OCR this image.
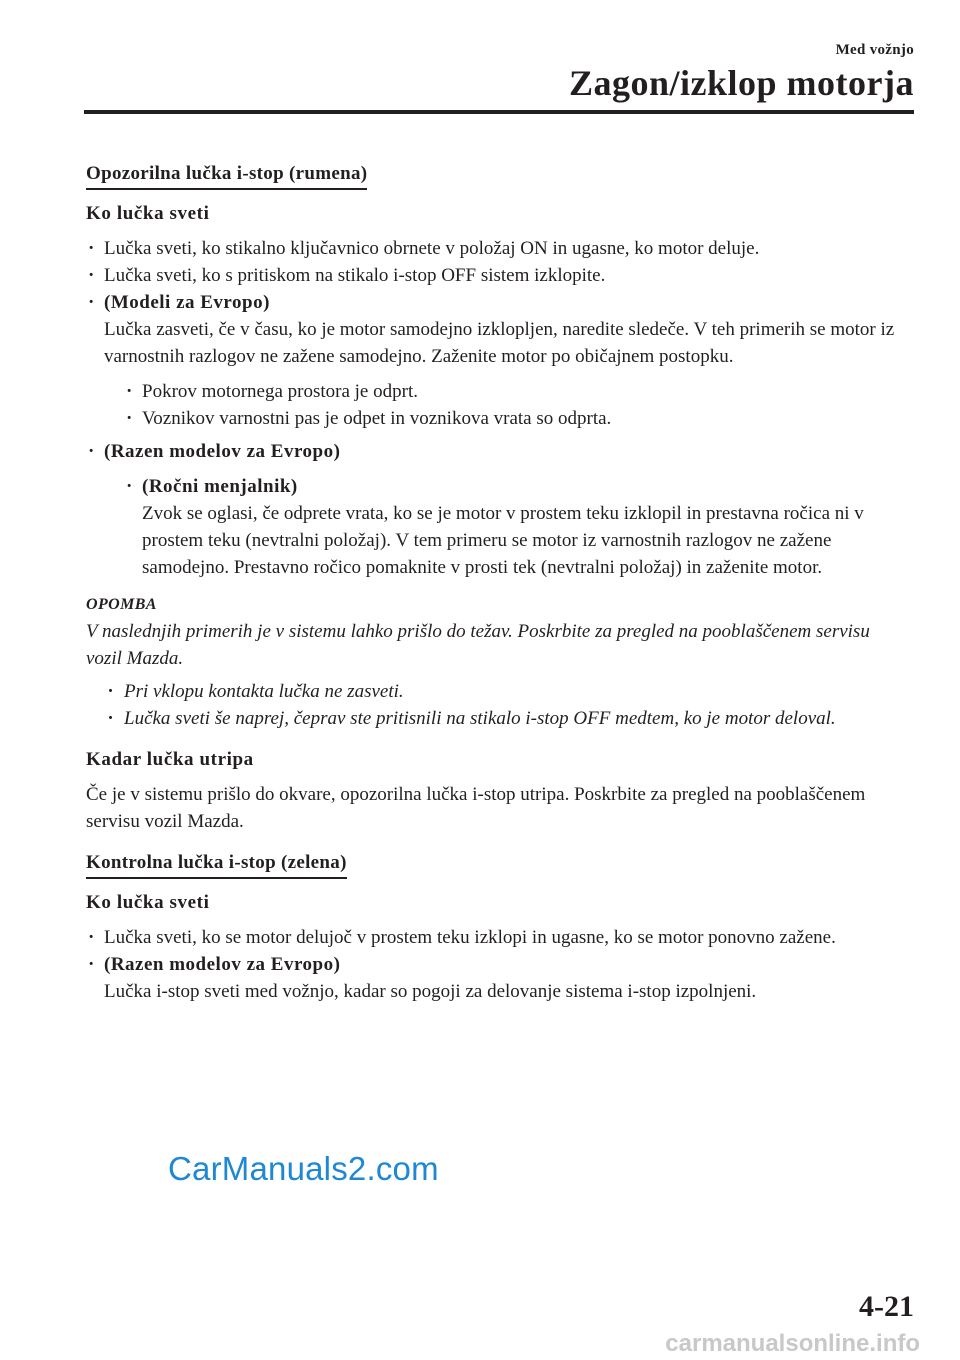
Med vožnjo
Zagon/izklop motorja
Opozorilna lučka i-stop (rumena)
Ko lučka sveti
· Lučka sveti, ko stikalno ključavnico obrnete v položaj ON in ugasne, ko motor deluje.
· Lučka sveti, ko s pritiskom na stikalo i-stop OFF sistem izklopite.
· (Modeli za Evropo)
Lučka zasveti, če v času, ko je motor samodejno izklopljen, naredite sledeče. V teh primerih se motor iz varnostnih razlogov ne zažene samodejno. Zaženite motor po običajnem postopku.
· Pokrov motornega prostora je odprt.
· Voznikov varnostni pas je odpet in voznikova vrata so odprta.
· (Razen modelov za Evropo)
· (Ročni menjalnik)
Zvok se oglasi, če odprete vrata, ko se je motor v prostem teku izklopil in prestavna ročica ni v prostem teku (nevtralni položaj). V tem primeru se motor iz varnostnih razlogov ne zažene samodejno. Prestavno ročico pomaknite v prosti tek (nevtralni položaj) in zaženite motor.
OPOMBA

V naslednjih primerih je v sistemu lahko prišlo do težav. Poskrbite za pregled na pooblaščenem servisu vozil Mazda.

· Pri vklopu kontakta lučka ne zasveti.
· Lučka sveti še naprej, čeprav ste pritisnili na stikalo i-stop OFF medtem, ko je motor deloval.
Kadar lučka utripa

Če je v sistemu prišlo do okvare, opozorilna lučka i-stop utripa. Poskrbite za pregled na pooblaščenem servisu vozil Mazda.

Kontrolna lučka i-stop (zelena)
Ko lučka sveti
· Lučka sveti, ko se motor delujoč v prostem teku izklopi in ugasne, ko se motor ponovno zažene.
· (Razen modelov za Evropo)
Lučka i-stop sveti med vožnjo, kadar so pogoji za delovanje sistema i-stop izpolnjeni.
CarManuals2.com
4-21
carmanualsonline.info
